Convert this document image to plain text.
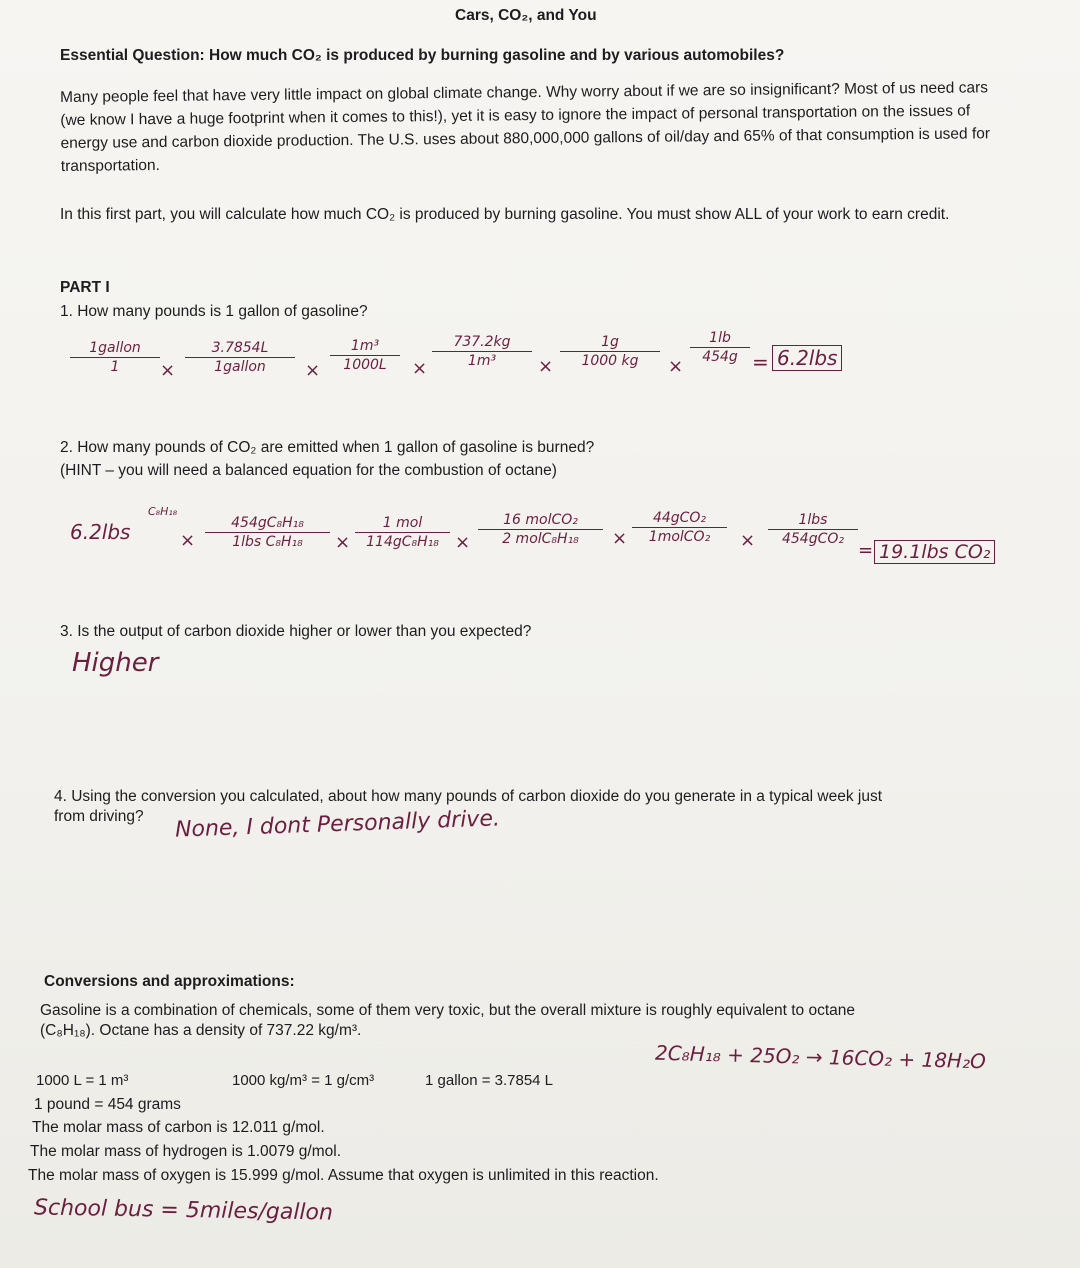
Cars, CO₂, and You
Essential Question: How much CO₂ is produced by burning gasoline and by various automobiles?
Many people feel that have very little impact on global climate change. Why worry about if we are so insignificant? Most of us need cars (we know I have a huge footprint when it comes to this!), yet it is easy to ignore the impact of personal transportation on the issues of energy use and carbon dioxide production. The U.S. uses about 880,000,000 gallons of oil/day and 65% of that consumption is used for transportation.
In this first part, you will calculate how much CO₂ is produced by burning gasoline. You must show ALL of your work to earn credit.
PART I
1. How many pounds is 1 gallon of gasoline?
1gallon
1	×
3.7854L
1gallon	×
1m³
1000L	×
737.2kg
1m³	×
1g
1000 kg	×
1lb
454g = 6.2lbs
2. How many pounds of CO₂ are emitted when 1 gallon of gasoline is burned?
(HINT – you will need a balanced equation for the combustion of octane)
C₈H₁₈
6.2lbs	×
454gC₈H₁₈
1lbs C₈H₁₈	×
1 mol
114gC₈H₁₈ ×
16 molCO₂
2 molC₈H₁₈	×
44gCO₂
1molCO₂	×
1lbs
454gCO₂
= 19.1lbs CO₂
3. Is the output of carbon dioxide higher or lower than you expected?
Higher
4. Using the conversion you calculated, about how many pounds of carbon dioxide do you generate in a typical week just
from driving? None, I dont Personally drive.
Conversions and approximations:
Gasoline is a combination of chemicals, some of them very toxic, but the overall mixture is roughly equivalent to octane
(C₈H₁₈). Octane has a density of 737.22 kg/m³.
2C₈H₁₈ + 25O₂ → 16CO₂ + 18H₂O
1000 L = 1 m³	1000 kg/m³ = 1 g/cm³	1 gallon = 3.7854 L
1 pound = 454 grams
The molar mass of carbon is 12.011 g/mol.
The molar mass of hydrogen is 1.0079 g/mol.
The molar mass of oxygen is 15.999 g/mol. Assume that oxygen is unlimited in this reaction.
School bus = 5miles/gallon
